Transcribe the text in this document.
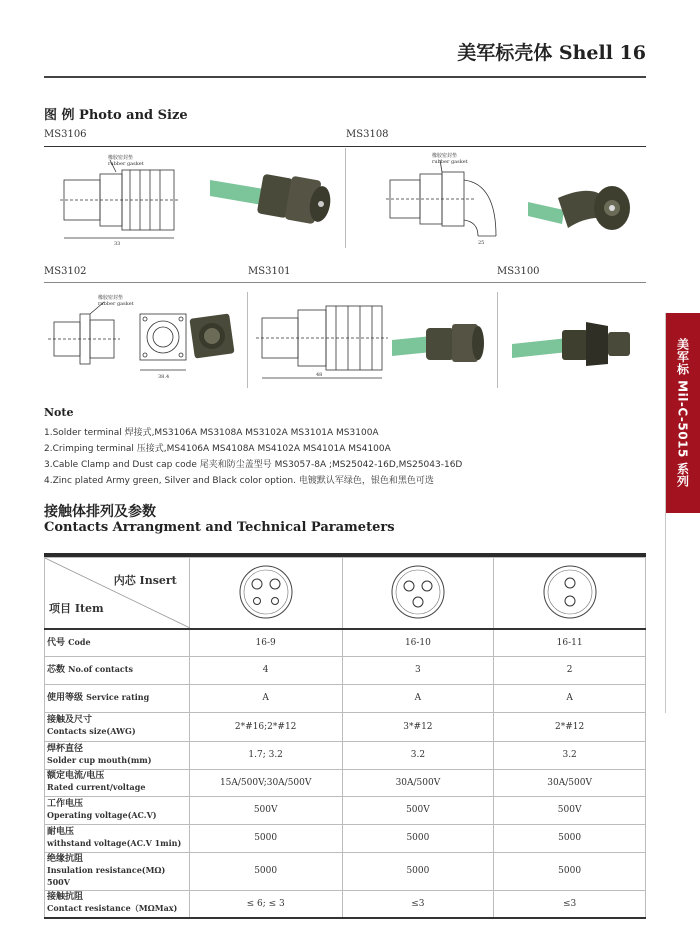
美军标壳体 Shell 16
图 例 Photo and Size
MS3106	MS3108
橡胶密封垫
rubber gasket
33
橡胶密封垫
rubber gasket
25
MS3102	MS3101	MS3100
橡胶密封垫
rubber gasket
38.4	48	美军标 Mil-C-5015 系列
Note
1.Solder terminal 焊接式,MS3106A MS3108A MS3102A MS3101A MS3100A
2.Crimping terminal 压接式,MS4106A MS4108A MS4102A MS4101A MS4100A
3.Cable Clamp and Dust cap code 尾夹和防尘盖型号 MS3057-8A ;MS25042-16D,MS25043-16D
4.Zinc plated Army green, Silver and Black color option. 电镀默认军绿色，银色和黑色可选
接触体排列及参数
Contacts Arrangment and Technical Parameters
内芯 Insert
项目 Item

代号 Code	16-9	16-10	16-11
芯数 No.of contacts	4	3	2
使用等级 Service rating	A	A	A
接触及尺寸
Contacts size(AWG)	2*#16;2*#12	3*#12	2*#12
焊杯直径
Solder cup mouth(mm)	1.7; 3.2	3.2	3.2
额定电流/电压
Rated current/voltage	15A/500V;30A/500V	30A/500V	30A/500V
工作电压
Operating voltage(AC.V)	500V	500V	500V
耐电压
withstand voltage(AC.V 1min)	5000	5000	5000
绝缘抗阻
Insulation resistance(MΩ) 500V	5000	5000	5000
接触抗阻
Contact resistance（MΩMax)	≤ 6; ≤ 3	≤3	≤3
